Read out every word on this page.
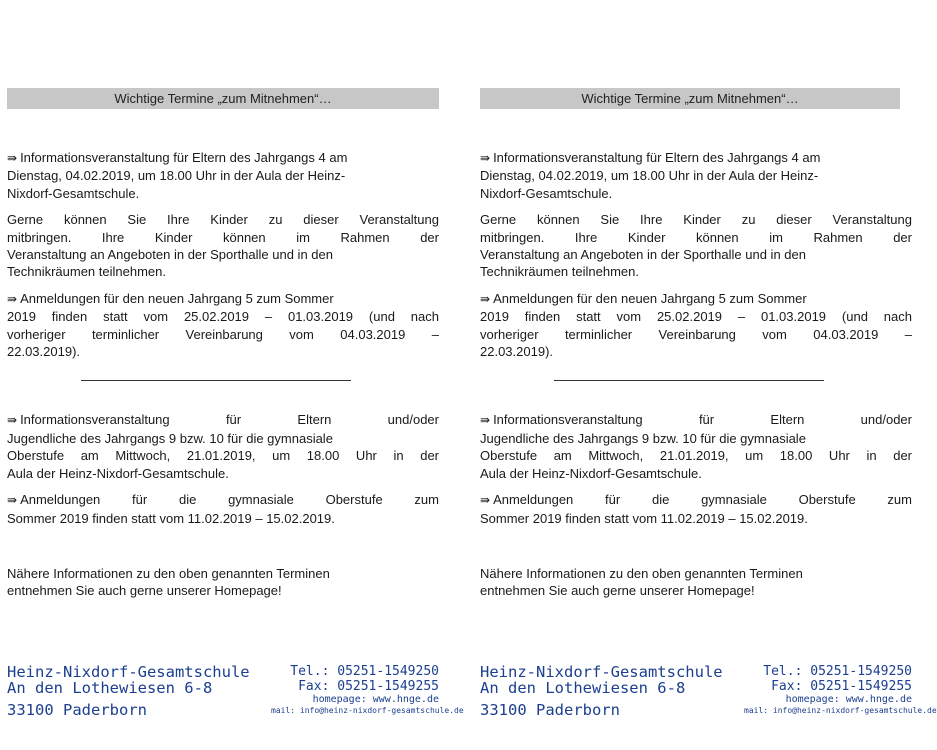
Wichtige Termine „zum Mitnehmen“…

⇛ Informationsveranstaltung für Eltern des Jahrgangs 4 am

Dienstag, 04.02.2019, um 18.00 Uhr in der Aula der Heinz-

Nixdorf-Gesamtschule.

Gerne können Sie Ihre Kinder zu dieser Veranstaltung

mitbringen. Ihre Kinder können im Rahmen der

Veranstaltung an Angeboten in der Sporthalle und in den

Technikräumen teilnehmen.

⇛ Anmeldungen für den neuen Jahrgang 5 zum Sommer

2019 finden statt vom 25.02.2019 – 01.03.2019 (und nach

vorheriger terminlicher Vereinbarung vom 04.03.2019 –

22.03.2019).

⇛ Informationsveranstaltung für Eltern und/oder

Jugendliche des Jahrgangs 9 bzw. 10 für die gymnasiale

Oberstufe am Mittwoch, 21.01.2019, um 18.00 Uhr in der

Aula der Heinz-Nixdorf-Gesamtschule.

⇛ Anmeldungen für die gymnasiale Oberstufe zum

Sommer 2019 finden statt vom 11.02.2019 – 15.02.2019.

Nähere Informationen zu den oben genannten Terminen

entnehmen Sie auch gerne unserer Homepage!

Heinz-Nixdorf-Gesamtschule
An den Lothewiesen 6-8
33100 Paderborn
Tel.: 05251-1549250
Fax: 05251-1549255
homepage: www.hnge.de
mail: info@heinz-nixdorf-gesamtschule.de
Wichtige Termine „zum Mitnehmen“…

⇛ Informationsveranstaltung für Eltern des Jahrgangs 4 am

Dienstag, 04.02.2019, um 18.00 Uhr in der Aula der Heinz-

Nixdorf-Gesamtschule.

Gerne können Sie Ihre Kinder zu dieser Veranstaltung

mitbringen. Ihre Kinder können im Rahmen der

Veranstaltung an Angeboten in der Sporthalle und in den

Technikräumen teilnehmen.

⇛ Anmeldungen für den neuen Jahrgang 5 zum Sommer

2019 finden statt vom 25.02.2019 – 01.03.2019 (und nach

vorheriger terminlicher Vereinbarung vom 04.03.2019 –

22.03.2019).

⇛ Informationsveranstaltung für Eltern und/oder

Jugendliche des Jahrgangs 9 bzw. 10 für die gymnasiale

Oberstufe am Mittwoch, 21.01.2019, um 18.00 Uhr in der

Aula der Heinz-Nixdorf-Gesamtschule.

⇛ Anmeldungen für die gymnasiale Oberstufe zum

Sommer 2019 finden statt vom 11.02.2019 – 15.02.2019.

Nähere Informationen zu den oben genannten Terminen

entnehmen Sie auch gerne unserer Homepage!

Heinz-Nixdorf-Gesamtschule
An den Lothewiesen 6-8
33100 Paderborn
Tel.: 05251-1549250
Fax: 05251-1549255
homepage: www.hnge.de
mail: info@heinz-nixdorf-gesamtschule.de
